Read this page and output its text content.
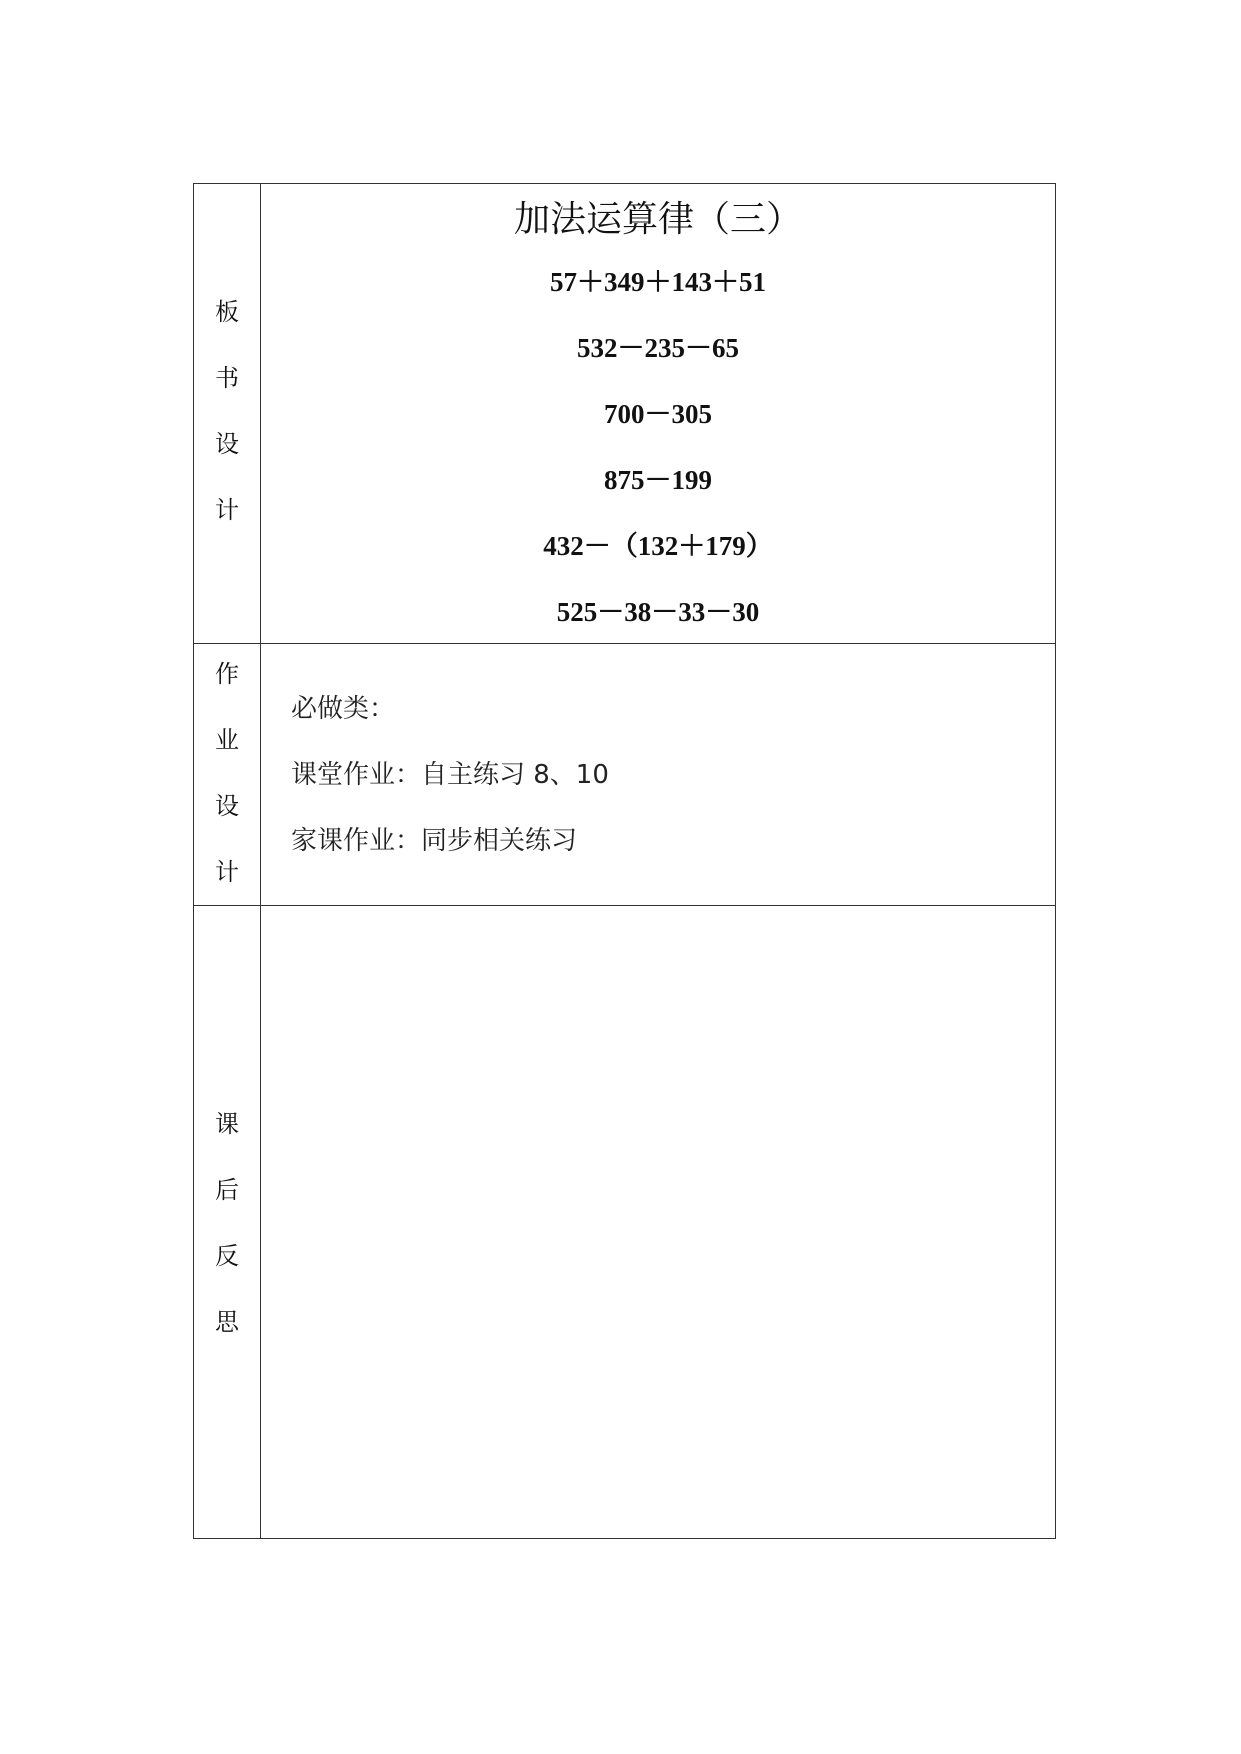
板
书
设
计
加法运算律（三）
57＋349＋143＋51
532－235－65
700－305
875－199
432－（132＋179）
525－38－33－30
作
业
设
计
必做类：
课堂作业：自主练习 8、10
家课作业：同步相关练习
课
后
反
思
